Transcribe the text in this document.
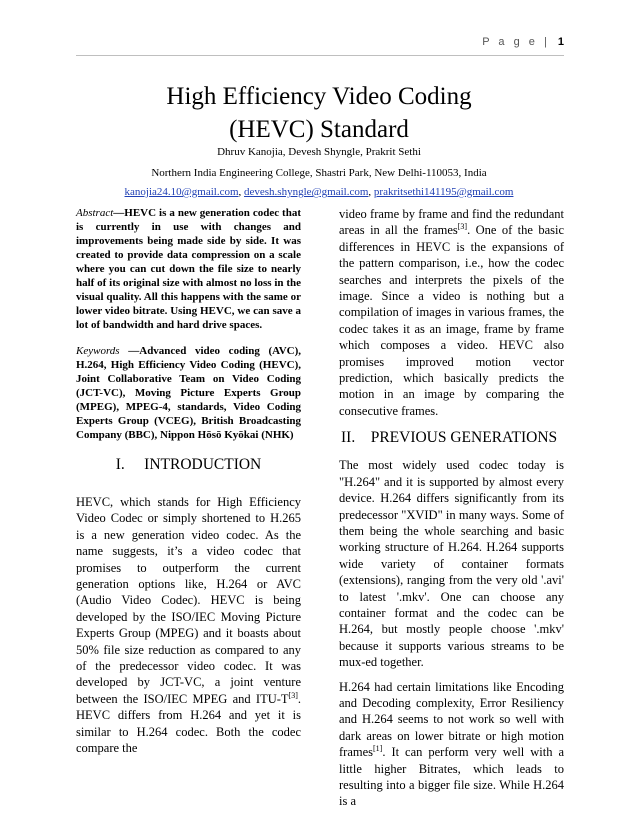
P a g e | 1
High Efficiency Video Coding
(HEVC) Standard
Dhruv Kanojia, Devesh Shyngle, Prakrit Sethi
Northern India Engineering College, Shastri Park, New Delhi-110053, India
kanojia24.10@gmail.com, devesh.shyngle@gmail.com, prakritsethi141195@gmail.com

Abstract—HEVC is a new generation codec that is currently in use with changes and improvements being made side by side. It was created to provide data compression on a scale where you can cut down the file size to nearly half of its original size with almost no loss in the visual quality. All this happens with the same or lower video bitrate. Using HEVC, we can save a lot of bandwidth and hard drive spaces.

Keywords —Advanced video coding (AVC), H.264, High Efficiency Video Coding (HEVC), Joint Collaborative Team on Video Coding (JCT-VC), Moving Picture Experts Group (MPEG), MPEG-4, standards, Video Coding Experts Group (VCEG), British Broadcasting Company (BBC), Nippon Hōsō Kyōkai (NHK)

I. INTRODUCTION

HEVC, which stands for High Efficiency Video Codec or simply shortened to H.265 is a new generation video codec. As the name suggests, it’s a video codec that promises to outperform the current generation options like, H.264 or AVC (Audio Video Codec). HEVC is being developed by the ISO/IEC Moving Picture Experts Group (MPEG) and it boasts about 50% file size reduction as compared to any of the predecessor video codec. It was developed by JCT-VC, a joint venture between the ISO/IEC MPEG and ITU-T[3]. HEVC differs from H.264 and yet it is similar to H.264 codec. Both the codec compare the

video frame by frame and find the redundant areas in all the frames[3]. One of the basic differences in HEVC is the expansions of the pattern comparison, i.e., how the codec searches and interprets the pixels of the image. Since a video is nothing but a compilation of images in various frames, the codec takes it as an image, frame by frame which composes a video. HEVC also promises improved motion vector prediction, which basically predicts the motion in an image by comparing the consecutive frames.

II. PREVIOUS GENERATIONS

The most widely used codec today is "H.264" and it is supported by almost every device. H.264 differs significantly from its predecessor "XVID" in many ways. Some of them being the whole searching and basic working structure of H.264. H.264 supports wide variety of container formats (extensions), ranging from the very old '.avi' to latest '.mkv'. One can choose any container format and the codec can be H.264, but mostly people choose '.mkv' because it supports various streams to be mux-ed together.

H.264 had certain limitations like Encoding and Decoding complexity, Error Resiliency and H.264 seems to not work so well with dark areas on lower bitrate or high motion frames[1]. It can perform very well with a little higher Bitrates, which leads to resulting into a bigger file size. While H.264 is a
